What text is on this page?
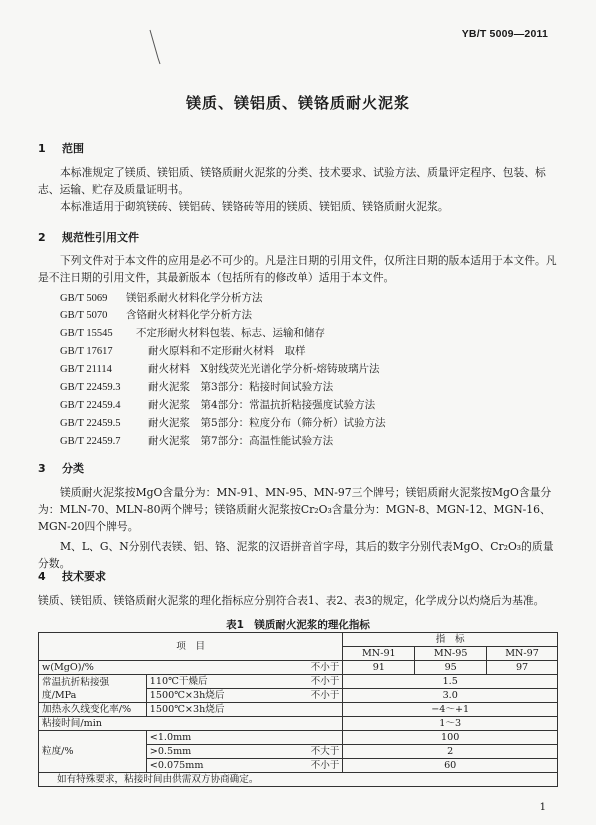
YB/T 5009—2011
镁质、镁铝质、镁铬质耐火泥浆
1 范围
本标准规定了镁质、镁铝质、镁铬质耐火泥浆的分类、技术要求、试验方法、质量评定程序、包装、标志、运输、贮存及质量证明书。
本标准适用于砌筑镁砖、镁铝砖、镁铬砖等用的镁质、镁铝质、镁铬质耐火泥浆。
2 规范性引用文件
下列文件对于本文件的应用是必不可少的。凡是注日期的引用文件，仅所注日期的版本适用于本文件。凡是不注日期的引用文件，其最新版本（包括所有的修改单）适用于本文件。
GB/T 5069 镁铝系耐火材料化学分析方法
GB/T 5070 含铬耐火材料化学分析方法
GB/T 15545 不定形耐火材料包装、标志、运输和储存
GB/T 17617	耐火原料和不定形耐火材料　取样
GB/T 21114	耐火材料　X射线荧光光谱化学分析-熔铸玻璃片法
GB/T 22459.3	耐火泥浆　第3部分：粘接时间试验方法
GB/T 22459.4	耐火泥浆　第4部分：常温抗折粘接强度试验方法
GB/T 22459.5	耐火泥浆　第5部分：粒度分布（筛分析）试验方法
GB/T 22459.7	耐火泥浆　第7部分：高温性能试验方法
3 分类
镁质耐火泥浆按MgO含量分为：MN-91、MN-95、MN-97三个牌号；镁铝质耐火泥浆按MgO含量分为：MLN-70、MLN-80两个牌号；镁铬质耐火泥浆按Cr₂O₃含量分为：MGN-8、MGN-12、MGN-16、MGN-20四个牌号。
M、L、G、N分别代表镁、铝、铬、泥浆的汉语拼音首字母，其后的数字分别代表MgO、Cr₂O₃的质量分数。
4 技术要求
镁质、镁铝质、镁铬质耐火泥浆的理化指标应分别符合表1、表2、表3的规定，化学成分以灼烧后为基准。
表1　镁质耐火泥浆的理化指标
项　目			指　标		
			MN-91	MN-95	MN-97
w(MgO)/%		不小于	91	95	97
常温抗折粘接强度/MPa	110℃干燥后	不小于	1.5		
	1500℃×3h烧后	不小于	3.0		
加热永久线变化率/%	1500℃×3h烧后		−4～+1		
粘接时间/min			1～3		
粒度/%	<1.0mm		100		
	>0.5mm	不大于	2		
	<0.075mm	不小于	60		
如有特殊要求，粘接时间由供需双方协商确定。					
1
